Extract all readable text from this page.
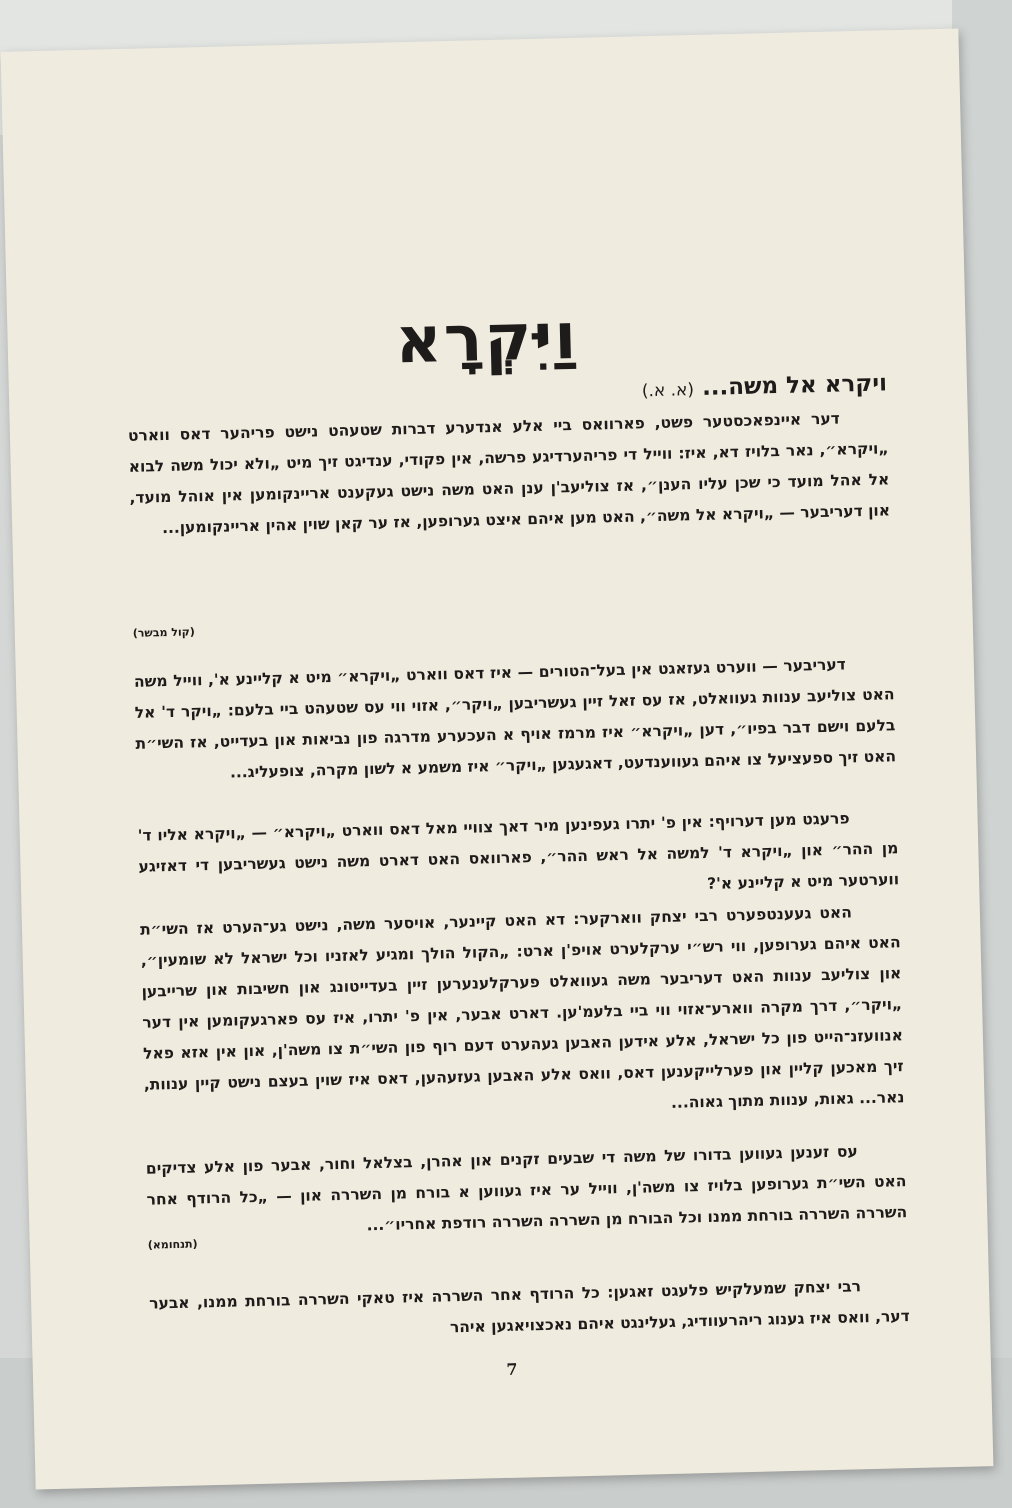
וַיִּקְרָא
ויקרא אל משה... (א. א.)
דער איינפאכסטער פשט, פארוואס ביי אלע אנדערע דברות שטעהט נישט פריהער דאס ווארט „ויקרא״, נאר בלויז דא, איז: ווייל די פריהערדיגע פרשה, אין פקודי, ענדיגט זיך מיט „ולא יכול משה לבוא אל אהל מועד כי שכן עליו הענן״, אז צוליעב'ן ענן האט משה נישט געקענט אריינקומען אין אוהל מועד, און דעריבער — „ויקרא אל משה״, האט מען איהם איצט גערופען, אז ער קאן שוין אהין אריינקומען...
(קול מבשר)
דעריבער — ווערט געזאגט אין בעל־הטורים — איז דאס ווארט „ויקרא״ מיט א קליינע א', ווייל משה האט צוליעב ענוות געוואלט, אז עס זאל זיין געשריבען „ויקר״, אזוי ווי עס שטעהט ביי בלעם: „ויקר ד' אל בלעם וישם דבר בפיו״, דען „ויקרא״ איז מרמז אויף א העכערע מדרגה פון נביאות און בעדייט, אז השי״ת האט זיך ספעציעל צו איהם געווענדעט, דאגעגען „ויקר״ איז משמע א לשון מקרה, צופעליג...
פרעגט מען דערויף: אין פ' יתרו געפינען מיר דאך צוויי מאל דאס ווארט „ויקרא״ — „ויקרא אליו ד' מן ההר״ און „ויקרא ד' למשה אל ראש ההר״, פארוואס האט דארט משה נישט געשריבען די דאזיגע ווערטער מיט א קליינע א'?
האט געענטפערט רבי יצחק ווארקער: דא האט קיינער, אויסער משה, נישט גע־הערט אז השי״ת האט איהם גערופען, ווי רש״י ערקלערט אויפ'ן ארט: „הקול הולך ומגיע לאזניו וכל ישראל לא שומעין״, און צוליעב ענוות האט דעריבער משה געוואלט פערקלענערען זיין בעדייטונג און חשיבות און שרייבען „ויקר״, דרך מקרה ווארע־אזוי ווי ביי בלעמ'ען. דארט אבער, אין פ' יתרו, איז עס פארגעקומען אין דער אנוועזנ־הייט פון כל ישראל, אלע אידען האבען געהערט דעם רוף פון השי״ת צו משה'ן, און אין אזא פאל זיך מאכען קליין און פערלייקענען דאס, וואס אלע האבען געזעהען, דאס איז שוין בעצם נישט קיין ענוות, נאר... גאות, ענוות מתוך גאוה...
עס זענען געווען בדורו של משה די שבעים זקנים און אהרן, בצלאל וחור, אבער פון אלע צדיקים האט השי״ת גערופען בלויז צו משה'ן, ווייל ער איז געווען א בורח מן השררה און — „כל הרודף אחר השררה השררה בורחת ממנו וכל הבורח מן השררה השררה רודפת אחריו״...
(תנחומא)
רבי יצחק שמעלקיש פלעגט זאגען: כל הרודף אחר השררה איז טאקי השררה בורחת ממנו, אבער דער, וואס איז גענוג ריהרעוודיג, געלינגט איהם נאכצויאגען איהר
7
